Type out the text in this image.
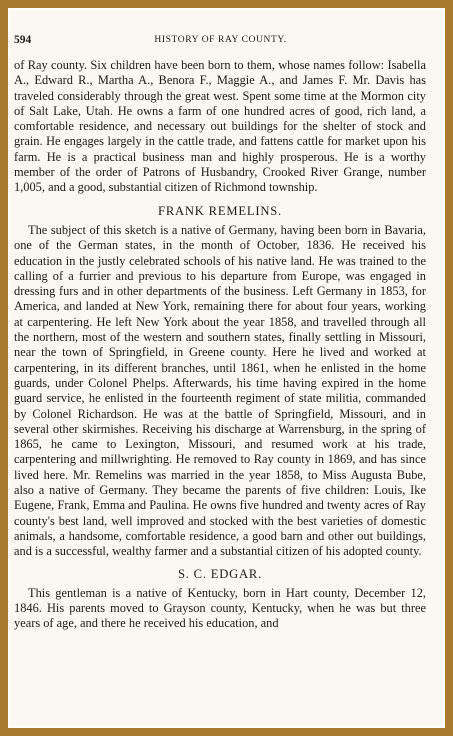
594	HISTORY OF RAY COUNTY.

of Ray county. Six children have been born to them, whose names follow: Isabella A., Edward R., Martha A., Benora F., Maggie A., and James F. Mr. Davis has traveled considerably through the great west. Spent some time at the Mormon city of Salt Lake, Utah. He owns a farm of one hundred acres of good, rich land, a comfortable residence, and necessary out buildings for the shelter of stock and grain. He engages largely in the cattle trade, and fattens cattle for market upon his farm. He is a practical business man and highly prosperous. He is a worthy member of the order of Patrons of Husbandry, Crooked River Grange, number 1,005, and a good, substantial citizen of Richmond township.

FRANK REMELINS.

The subject of this sketch is a native of Germany, having been born in Bavaria, one of the German states, in the month of October, 1836. He received his education in the justly celebrated schools of his native land. He was trained to the calling of a furrier and previous to his departure from Europe, was engaged in dressing furs and in other departments of the business. Left Germany in 1853, for America, and landed at New York, remaining there for about four years, working at carpentering. He left New York about the year 1858, and travelled through all the northern, most of the western and southern states, finally settling in Missouri, near the town of Springfield, in Greene county. Here he lived and worked at carpentering, in its different branches, until 1861, when he enlisted in the home guards, under Colonel Phelps. Afterwards, his time having expired in the home guard service, he enlisted in the fourteenth regiment of state militia, commanded by Colonel Richardson. He was at the battle of Springfield, Missouri, and in several other skirmishes. Receiving his discharge at Warrensburg, in the spring of 1865, he came to Lexington, Missouri, and resumed work at his trade, carpentering and millwrighting. He removed to Ray county in 1869, and has since lived here. Mr. Remelins was married in the year 1858, to Miss Augusta Bube, also a native of Germany. They became the parents of five children: Louis, Ike Eugene, Frank, Emma and Paulina. He owns five hundred and twenty acres of Ray county's best land, well improved and stocked with the best varieties of domestic animals, a handsome, comfortable residence, a good barn and other out buildings, and is a successful, wealthy farmer and a substantial citizen of his adopted county.

S. C. EDGAR.

This gentleman is a native of Kentucky, born in Hart county, December 12, 1846. His parents moved to Grayson county, Kentucky, when he was but three years of age, and there he received his education, and
